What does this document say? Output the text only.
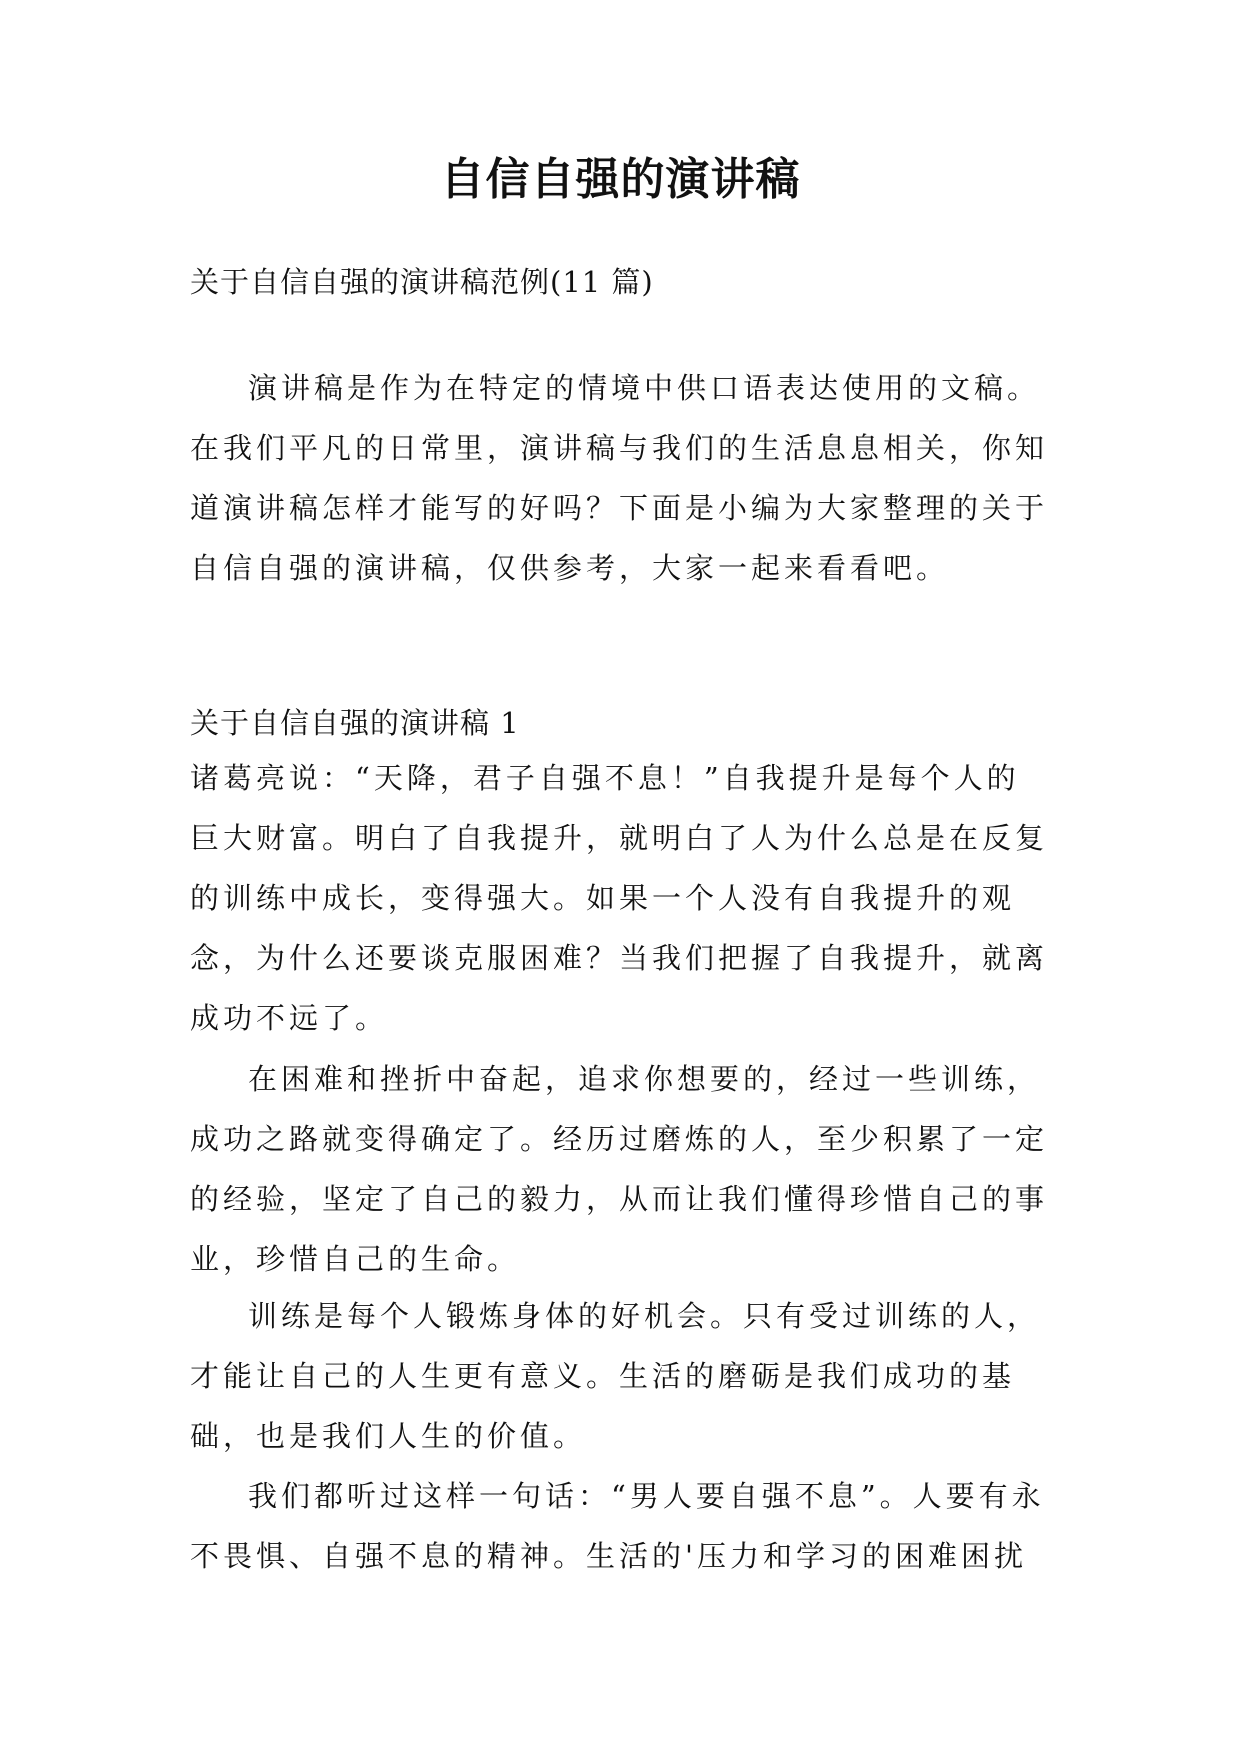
自信自强的演讲稿
关于自信自强的演讲稿范例(11 篇)

演讲稿是作为在特定的情境中供口语表达使用的文稿。在我们平凡的日常里，演讲稿与我们的生活息息相关，你知道演讲稿怎样才能写的好吗？下面是小编为大家整理的关于自信自强的演讲稿，仅供参考，大家一起来看看吧。

关于自信自强的演讲稿 1

诸葛亮说：“天降，君子自强不息！”自我提升是每个人的巨大财富。明白了自我提升，就明白了人为什么总是在反复的训练中成长，变得强大。如果一个人没有自我提升的观念，为什么还要谈克服困难？当我们把握了自我提升，就离成功不远了。

在困难和挫折中奋起，追求你想要的，经过一些训练，成功之路就变得确定了。经历过磨炼的人，至少积累了一定的经验，坚定了自己的毅力，从而让我们懂得珍惜自己的事业，珍惜自己的生命。

训练是每个人锻炼身体的好机会。只有受过训练的人，才能让自己的人生更有意义。生活的磨砺是我们成功的基础，也是我们人生的价值。

我们都听过这样一句话：“男人要自强不息”。人要有永不畏惧、自强不息的精神。生活的'压力和学习的困难困扰
